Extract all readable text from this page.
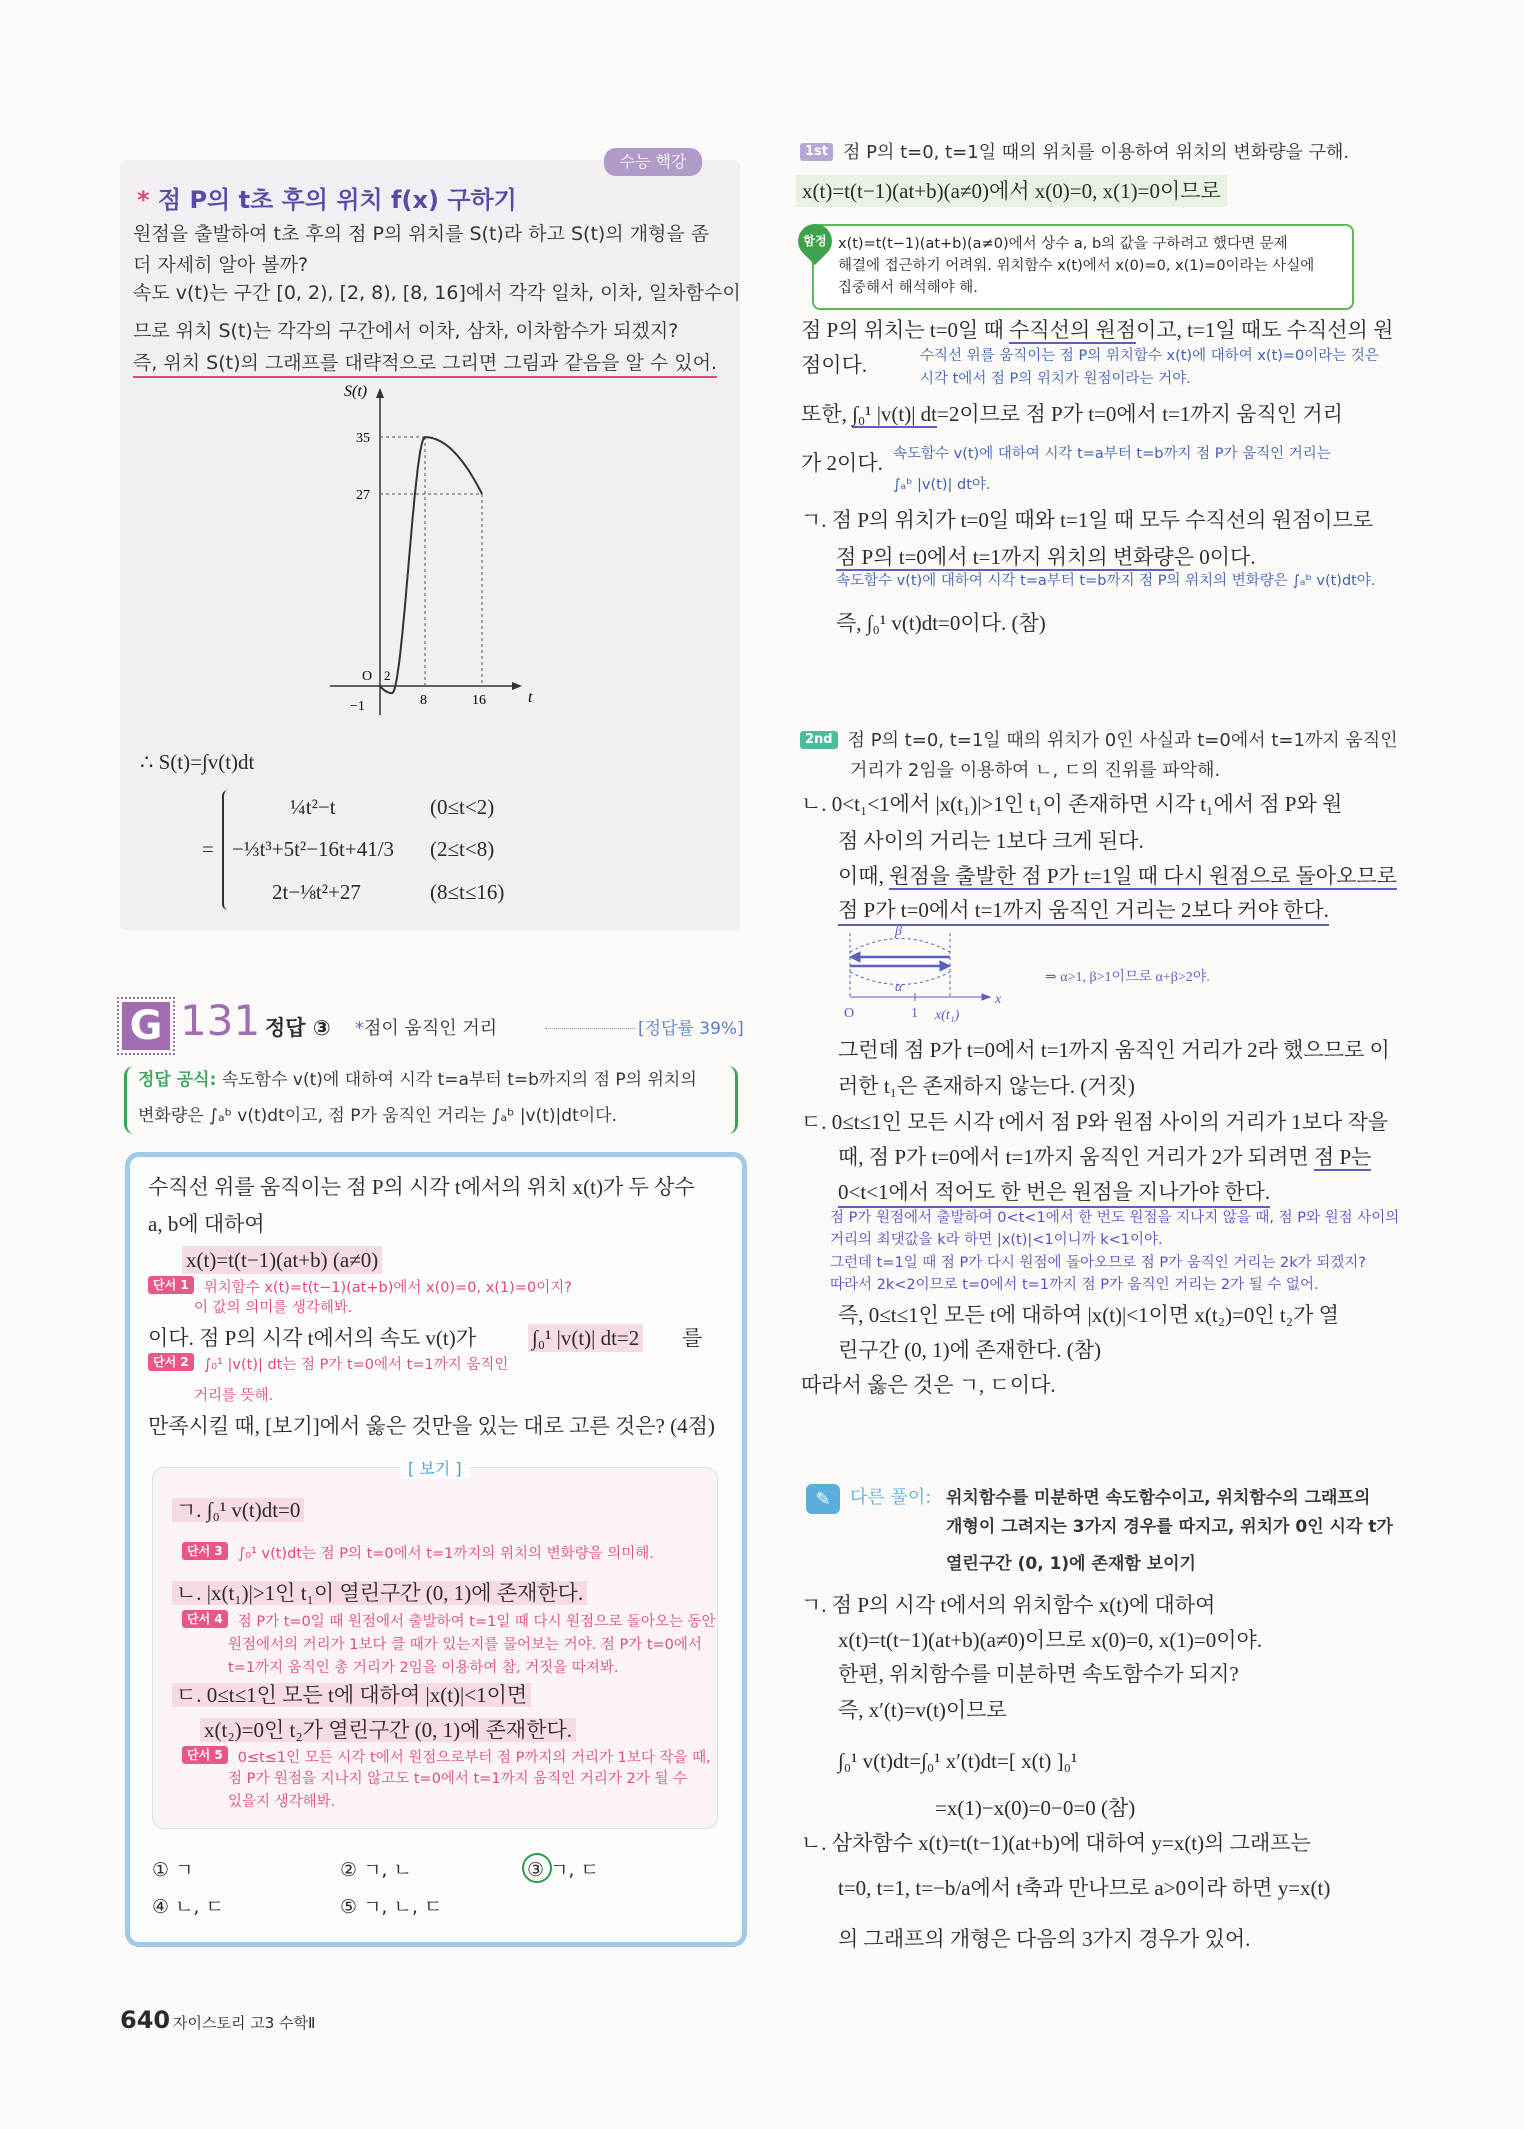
수능 핵강
* 점 P의 t초 후의 위치 f(x) 구하기
원점을 출발하여 t초 후의 점 P의 위치를 S(t)라 하고 S(t)의 개형을 좀
더 자세히 알아 볼까?
속도 v(t)는 구간 [0, 2), [2, 8), [8, 16]에서 각각 일차, 이차, 일차함수이
므로 위치 S(t)는 각각의 구간에서 이차, 삼차, 이차함수가 되겠지?
즉, 위치 S(t)의 그래프를 대략적으로 그리면 그림과 같음을 알 수 있어.
S(t)
t
35
27
−1
O 2
8	16
∴ S(t)=∫v(t)dt
=
¼t²−t	(0≤t<2)
−⅓t³+5t²−16t+41/3 (2≤t<8)
2t−⅛t²+27	(8≤t≤16)
G 131 정답 ③ *점이 움직인 거리	[정답률 39%]
정답 공식: 속도함수 v(t)에 대하여 시각 t=a부터 t=b까지의 점 P의 위치의
변화량은 ∫ₐᵇ v(t)dt이고, 점 P가 움직인 거리는 ∫ₐᵇ |v(t)|dt이다.
수직선 위를 움직이는 점 P의 시각 t에서의 위치 x(t)가 두 상수
a, b에 대하여
x(t)=t(t−1)(at+b) (a≠0)
단서 1 위치함수 x(t)=t(t−1)(at+b)에서 x(0)=0, x(1)=0이지?
이 값의 의미를 생각해봐.
이다. 점 P의 시각 t에서의 속도 v(t)가	∫₀¹ |v(t)| dt=2 를
단서 2 ∫₀¹ |v(t)| dt는 점 P가 t=0에서 t=1까지 움직인
거리를 뜻해.
만족시킬 때, [보기]에서 옳은 것만을 있는 대로 고른 것은? (4점)
[ 보기 ]
ㄱ. ∫₀¹ v(t)dt=0
단서 3 ∫₀¹ v(t)dt는 점 P의 t=0에서 t=1까지의 위치의 변화량을 의미해.
ㄴ. |x(t₁)|>1인 t₁이 열린구간 (0, 1)에 존재한다.
단서 4 점 P가 t=0일 때 원점에서 출발하여 t=1일 때 다시 원점으로 돌아오는 동안
원점에서의 거리가 1보다 클 때가 있는지를 물어보는 거야. 점 P가 t=0에서
t=1까지 움직인 총 거리가 2임을 이용하여 참, 거짓을 따져봐.
ㄷ. 0≤t≤1인 모든 t에 대하여 |x(t)|<1이면
x(t₂)=0인 t₂가 열린구간 (0, 1)에 존재한다.
단서 5 0≤t≤1인 모든 시각 t에서 원점으로부터 점 P까지의 거리가 1보다 작을 때,
점 P가 원점을 지나지 않고도 t=0에서 t=1까지 움직인 거리가 2가 될 수
있을지 생각해봐.
① ㄱ	② ㄱ, ㄴ	③ ㄱ, ㄷ
④ ㄴ, ㄷ	⑤ ㄱ, ㄴ, ㄷ
640 자이스토리 고3 수학Ⅱ
1st 점 P의 t=0, t=1일 때의 위치를 이용하여 위치의 변화량을 구해.
x(t)=t(t−1)(at+b)(a≠0)에서 x(0)=0, x(1)=0이므로
함정 x(t)=t(t−1)(at+b)(a≠0)에서 상수 a, b의 값을 구하려고 했다면 문제
해결에 접근하기 어려워. 위치함수 x(t)에서 x(0)=0, x(1)=0이라는 사실에
집중해서 해석해야 해.
점 P의 위치는 t=0일 때 수직선의 원점이고, t=1일 때도 수직선의 원
점이다.	수직선 위를 움직이는 점 P의 위치함수 x(t)에 대하여 x(t)=0이라는 것은
시각 t에서 점 P의 위치가 원점이라는 거야.
또한, ∫₀¹ |v(t)| dt=2이므로 점 P가 t=0에서 t=1까지 움직인 거리
가 2이다. 속도함수 v(t)에 대하여 시각 t=a부터 t=b까지 점 P가 움직인 거리는
∫ₐᵇ |v(t)| dt야.
ㄱ. 점 P의 위치가 t=0일 때와 t=1일 때 모두 수직선의 원점이므로
점 P의 t=0에서 t=1까지 위치의 변화량은 0이다.
속도함수 v(t)에 대하여 시각 t=a부터 t=b까지 점 P의 위치의 변화량은 ∫ₐᵇ v(t)dt야.
즉, ∫₀¹ v(t)dt=0이다. (참)
2nd 점 P의 t=0, t=1일 때의 위치가 0인 사실과 t=0에서 t=1까지 움직인
거리가 2임을 이용하여 ㄴ, ㄷ의 진위를 파악해.
ㄴ. 0<t₁<1에서 |x(t₁)|>1인 t₁이 존재하면 시각 t₁에서 점 P와 원
점 사이의 거리는 1보다 크게 된다.
이때, 원점을 출발한 점 P가 t=1일 때 다시 원점으로 돌아오므로
점 P가 t=0에서 t=1까지 움직인 거리는 2보다 커야 한다.
β
α
O	1 x(t₁)
x
⇒ α>1, β>1이므로 α+β>2야.
그런데 점 P가 t=0에서 t=1까지 움직인 거리가 2라 했으므로 이
러한 t₁은 존재하지 않는다. (거짓)
ㄷ. 0≤t≤1인 모든 시각 t에서 점 P와 원점 사이의 거리가 1보다 작을
때, 점 P가 t=0에서 t=1까지 움직인 거리가 2가 되려면 점 P는
0<t<1에서 적어도 한 번은 원점을 지나가야 한다.
점 P가 원점에서 출발하여 0<t<1에서 한 번도 원점을 지나지 않을 때, 점 P와 원점 사이의
거리의 최댓값을 k라 하면 |x(t)|<1이니까 k<1이야.
그런데 t=1일 때 점 P가 다시 원점에 돌아오므로 점 P가 움직인 거리는 2k가 되겠지?
따라서 2k<2이므로 t=0에서 t=1까지 점 P가 움직인 거리는 2가 될 수 없어.
즉, 0≤t≤1인 모든 t에 대하여 |x(t)|<1이면 x(t₂)=0인 t₂가 열
린구간 (0, 1)에 존재한다. (참)
따라서 옳은 것은 ㄱ, ㄷ이다.
✎	다른 풀이: 위치함수를 미분하면 속도함수이고, 위치함수의 그래프의
개형이 그려지는 3가지 경우를 따지고, 위치가 0인 시각 t가
열린구간 (0, 1)에 존재함 보이기
ㄱ. 점 P의 시각 t에서의 위치함수 x(t)에 대하여
x(t)=t(t−1)(at+b)(a≠0)이므로 x(0)=0, x(1)=0이야.
한편, 위치함수를 미분하면 속도함수가 되지?
즉, x′(t)=v(t)이므로
∫₀¹ v(t)dt=∫₀¹ x′(t)dt=[ x(t) ]₀¹
=x(1)−x(0)=0−0=0 (참)
ㄴ. 삼차함수 x(t)=t(t−1)(at+b)에 대하여 y=x(t)의 그래프는
t=0, t=1, t=−b/a에서 t축과 만나므로 a>0이라 하면 y=x(t)
의 그래프의 개형은 다음의 3가지 경우가 있어.
